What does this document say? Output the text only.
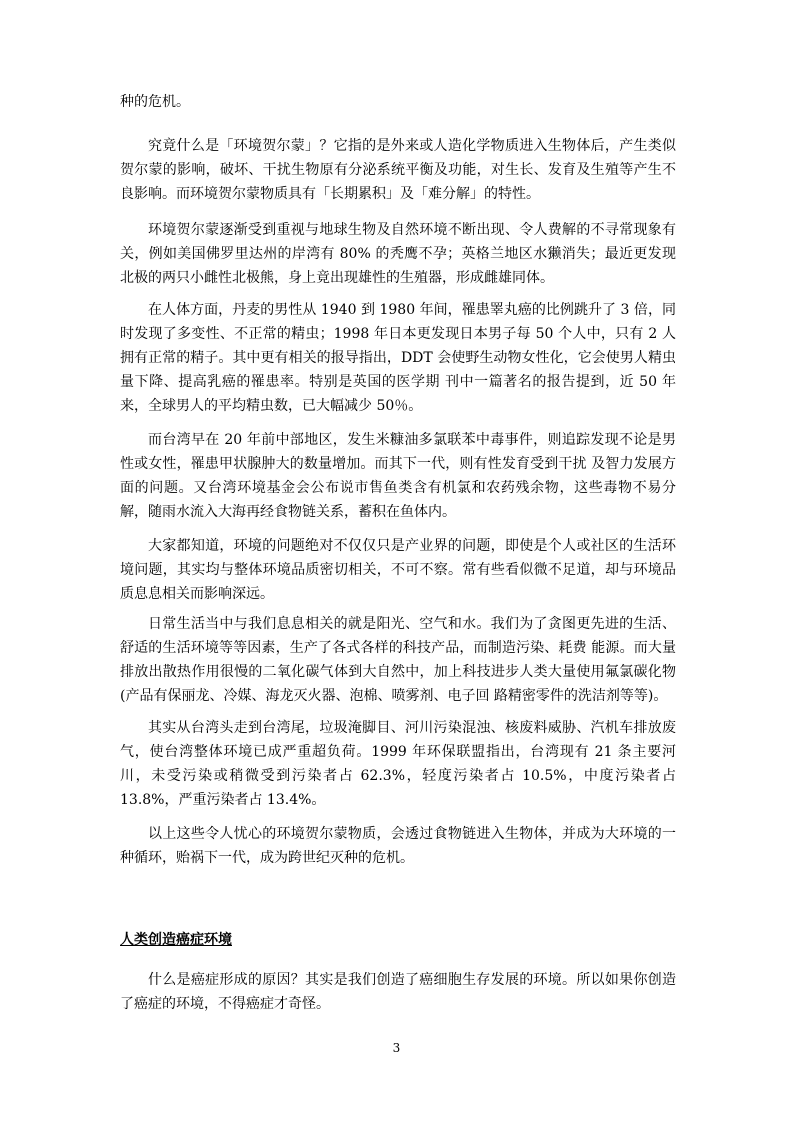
种的危机。

究竟什么是「环境贺尔蒙」？它指的是外来或人造化学物质进入生物体后，产生类似贺尔蒙的影响，破坏、干扰生物原有分泌系统平衡及功能，对生长、发育及生殖等产生不良影响。而环境贺尔蒙物质具有「长期累积」及「难分解」的特性。

环境贺尔蒙逐渐受到重视与地球生物及自然环境不断出现、令人费解的不寻常现象有关，例如美国佛罗里达州的岸湾有 80% 的秃鹰不孕；英格兰地区水獭消失；最近更发现北极的两只小雌性北极熊，身上竟出现雄性的生殖器，形成雌雄同体。

在人体方面，丹麦的男性从 1940 到 1980 年间，罹患睪丸癌的比例跳升了 3 倍，同时发现了多变性、不正常的精虫；1998 年日本更发现日本男子每 50 个人中，只有 2 人拥有正常的精子。其中更有相关的报导指出，DDT 会使野生动物女性化，它会使男人精虫量下降、提高乳癌的罹患率。特别是英国的医学期 刊中一篇著名的报告提到，近 50 年来，全球男人的平均精虫数，已大幅减少 50％。

而台湾早在 20 年前中部地区，发生米糠油多氯联苯中毒事件，则追踪发现不论是男性或女性，罹患甲状腺肿大的数量增加。而其下一代，则有性发育受到干扰 及智力发展方面的问题。又台湾环境基金会公布说市售鱼类含有机氯和农药残余物，这些毒物不易分解，随雨水流入大海再经食物链关系，蓄积在鱼体内。

大家都知道，环境的问题绝对不仅仅只是产业界的问题，即使是个人或社区的生活环境问题，其实均与整体环境品质密切相关，不可不察。常有些看似微不足道，却与环境品质息息相关而影响深远。

日常生活当中与我们息息相关的就是阳光、空气和水。我们为了贪图更先进的生活、舒适的生活环境等等因素，生产了各式各样的科技产品，而制造污染、耗费 能源。而大量排放出散热作用很慢的二氧化碳气体到大自然中，加上科技进步人类大量使用氟氯碳化物(产品有保丽龙、冷媒、海龙灭火器、泡棉、喷雾剂、电子回 路精密零件的洗洁剂等等)。

其实从台湾头走到台湾尾，垃圾淹脚目、河川污染混浊、核废料威胁、汽机车排放废气，使台湾整体环境已成严重超负荷。1999 年环保联盟指出，台湾现有 21 条主要河川，未受污染或稍微受到污染者占 62.3%，轻度污染者占 10.5%，中度污染者占 13.8%，严重污染者占 13.4%。

以上这些令人忧心的环境贺尔蒙物质，会透过食物链进入生物体，并成为大环境的一种循环，贻祸下一代，成为跨世纪灭种的危机。

人类创造癌症环境

什么是癌症形成的原因？其实是我们创造了癌细胞生存发展的环境。所以如果你创造了癌症的环境，不得癌症才奇怪。

3
